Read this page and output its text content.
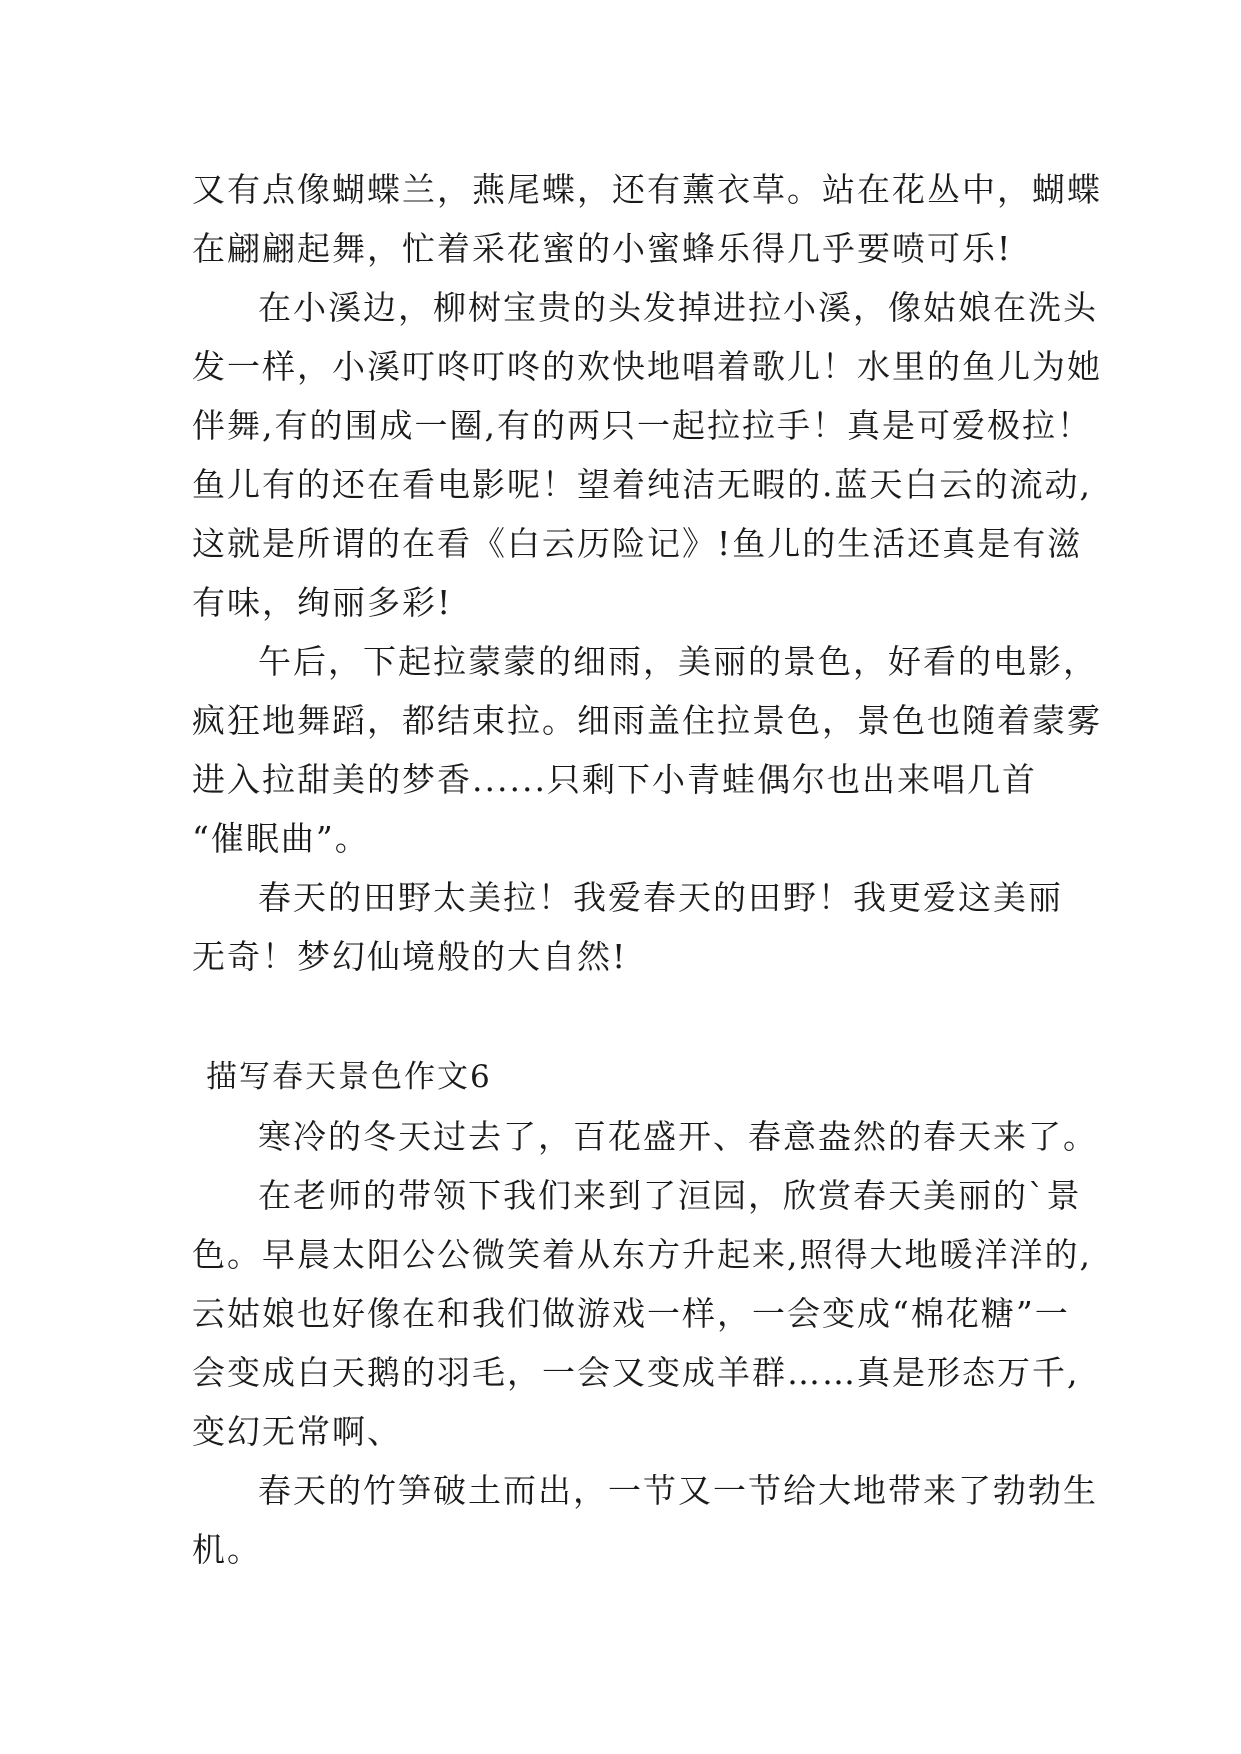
又有点像蝴蝶兰，燕尾蝶，还有薰衣草。站在花丛中，蝴蝶
在翩翩起舞，忙着采花蜜的小蜜蜂乐得几乎要喷可乐!
在小溪边，柳树宝贵的头发掉进拉小溪，像姑娘在洗头
发一样，小溪叮咚叮咚的欢快地唱着歌儿！水里的鱼儿为她
伴舞,有的围成一圈,有的两只一起拉拉手！真是可爱极拉！
鱼儿有的还在看电影呢！望着纯洁无暇的.蓝天白云的流动,
这就是所谓的在看《白云历险记》!鱼儿的生活还真是有滋
有味，绚丽多彩!
午后，下起拉蒙蒙的细雨，美丽的景色，好看的电影，
疯狂地舞蹈，都结束拉。细雨盖住拉景色，景色也随着蒙雾
进入拉甜美的梦香......只剩下小青蛙偶尔也出来唱几首
“催眠曲”。
春天的田野太美拉！我爱春天的田野！我更爱这美丽
无奇！梦幻仙境般的大自然!
描写春天景色作文6
寒冷的冬天过去了，百花盛开、春意盎然的春天来了。
在老师的带领下我们来到了洹园，欣赏春天美丽的`景
色。早晨太阳公公微笑着从东方升起来,照得大地暖洋洋的,
云姑娘也好像在和我们做游戏一样，一会变成“棉花糖”一
会变成白天鹅的羽毛，一会又变成羊群……真是形态万千,
变幻无常啊、
春天的竹笋破土而出，一节又一节给大地带来了勃勃生
机。
